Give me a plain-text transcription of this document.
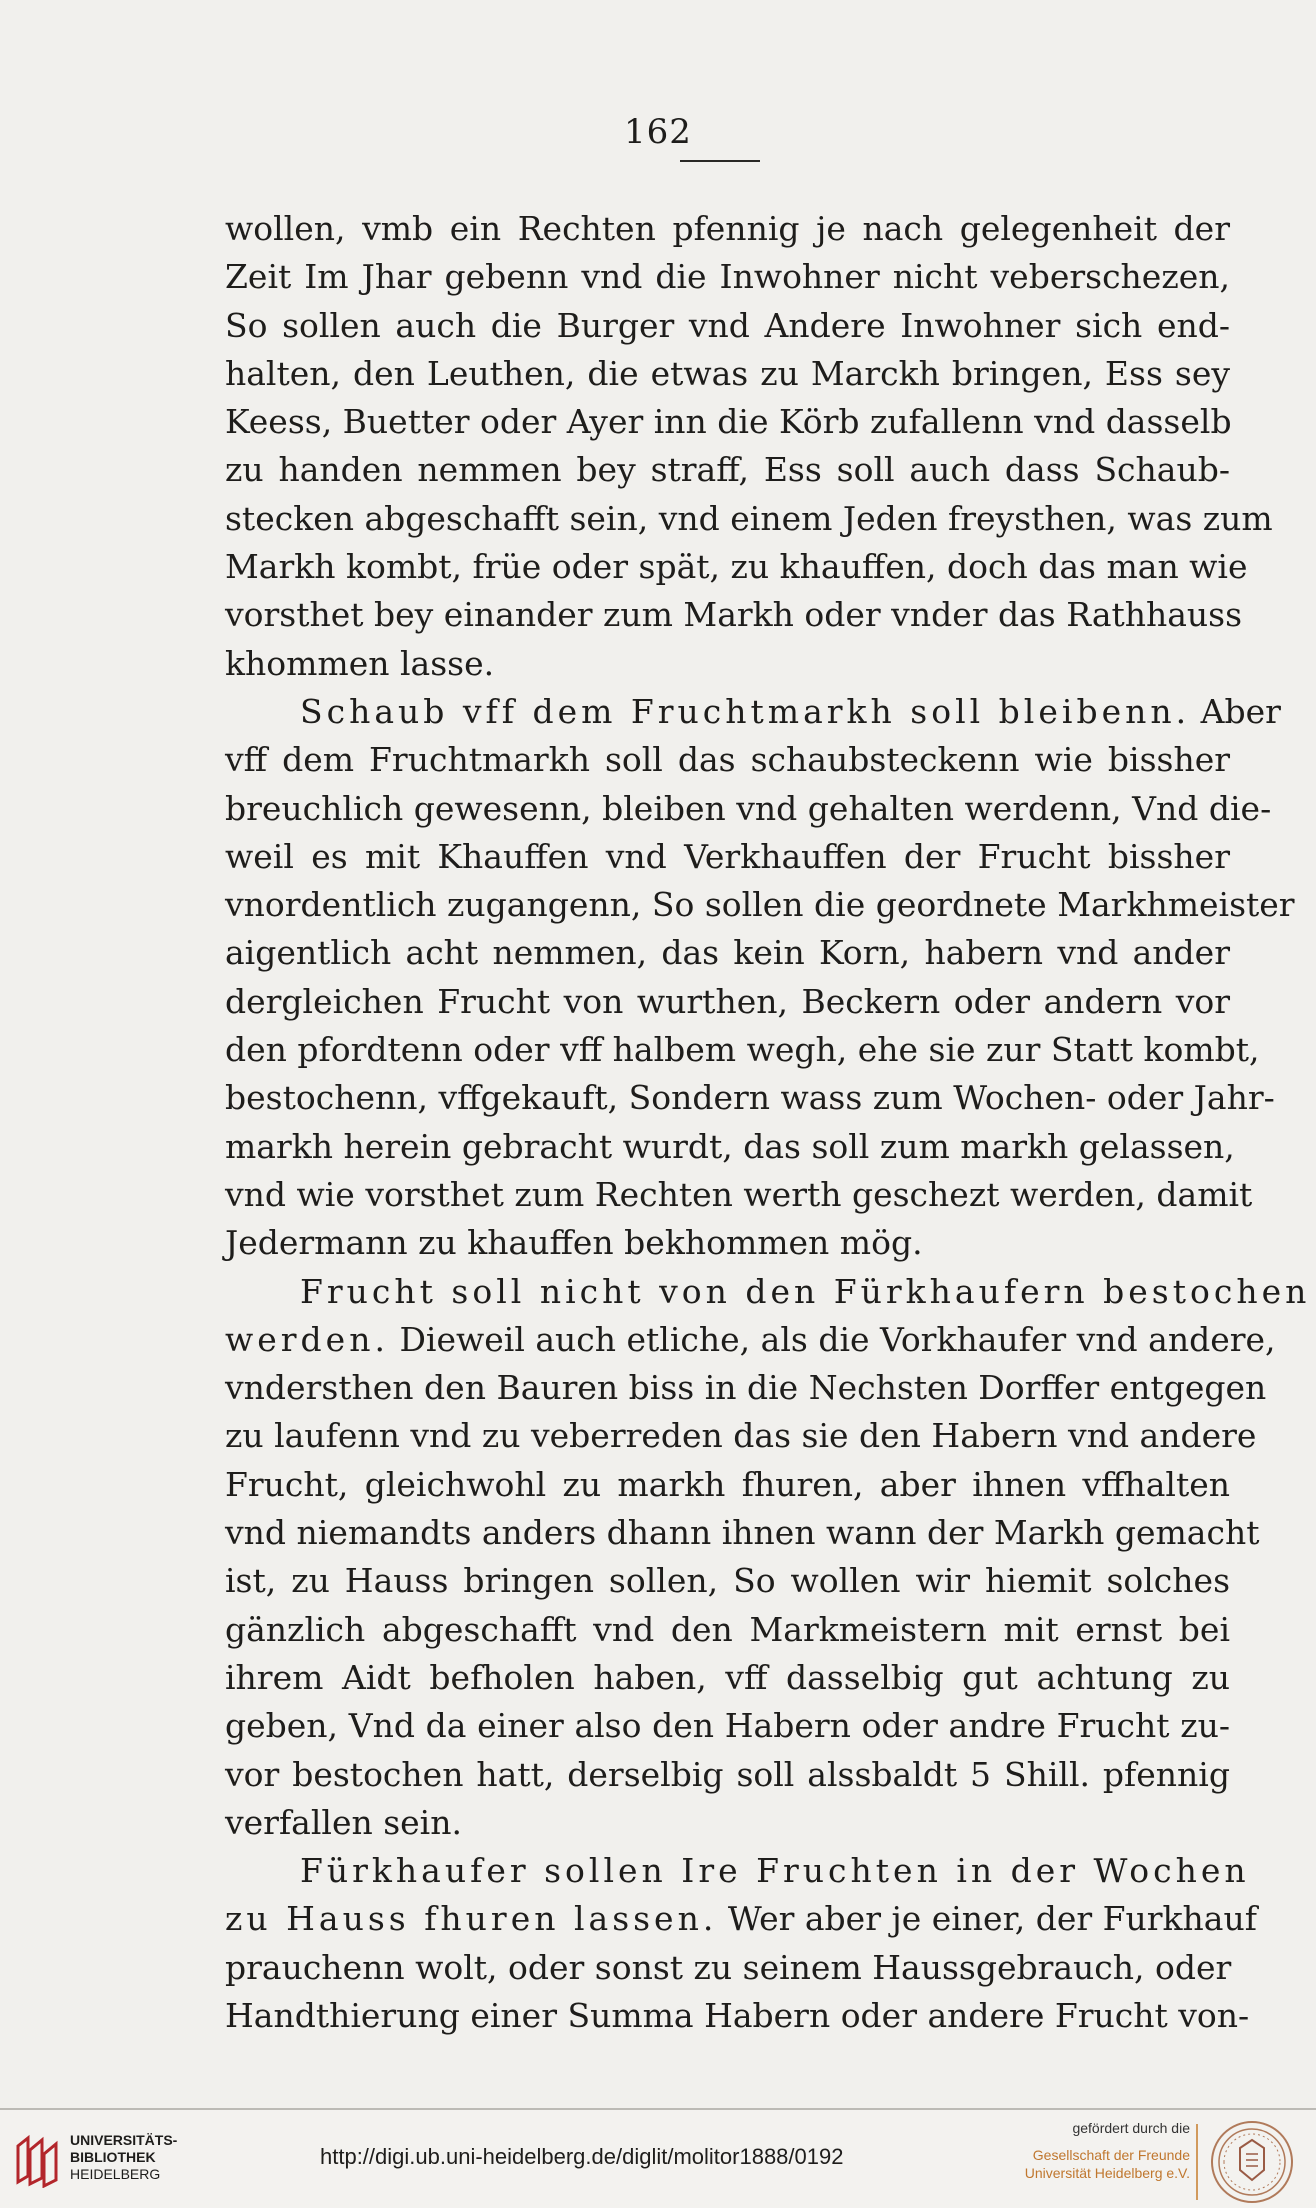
162
wollen, vmb ein Rechten pfennig je nach gelegenheit der
Zeit Im Jhar gebenn vnd die Inwohner nicht veberschezen,
So sollen auch die Burger vnd Andere Inwohner sich end-
halten, den Leuthen, die etwas zu Marckh bringen, Ess sey
Keess, Buetter oder Ayer inn die Körb zufallenn vnd dasselb
zu handen nemmen bey straff, Ess soll auch dass Schaub-
stecken abgeschafft sein, vnd einem Jeden freysthen, was zum
Markh kombt, früe oder spät, zu khauffen, doch das man wie
vorsthet bey einander zum Markh oder vnder das Rathhauss
khommen lasse.
Schaub vff dem Fruchtmarkh soll bleibenn. Aber
vff dem Fruchtmarkh soll das schaubsteckenn wie bissher
breuchlich gewesenn, bleiben vnd gehalten werdenn, Vnd die-
weil es mit Khauffen vnd Verkhauffen der Frucht bissher
vnordentlich zugangenn, So sollen die geordnete Markhmeister
aigentlich acht nemmen, das kein Korn, habern vnd ander
dergleichen Frucht von wurthen, Beckern oder andern vor
den pfordtenn oder vff halbem wegh, ehe sie zur Statt kombt,
bestochenn, vffgekauft, Sondern wass zum Wochen- oder Jahr-
markh herein gebracht wurdt, das soll zum markh gelassen,
vnd wie vorsthet zum Rechten werth geschezt werden, damit
Jedermann zu khauffen bekhommen mög.
Frucht soll nicht von den Fürkhaufern bestochen
werden. Dieweil auch etliche, als die Vorkhaufer vnd andere,
vndersthen den Bauren biss in die Nechsten Dorffer entgegen
zu laufenn vnd zu veberreden das sie den Habern vnd andere
Frucht, gleichwohl zu markh fhuren, aber ihnen vffhalten
vnd niemandts anders dhann ihnen wann der Markh gemacht
ist, zu Hauss bringen sollen, So wollen wir hiemit solches
gänzlich abgeschafft vnd den Markmeistern mit ernst bei
ihrem Aidt befholen haben, vff dasselbig gut achtung zu
geben, Vnd da einer also den Habern oder andre Frucht zu-
vor bestochen hatt, derselbig soll alssbaldt 5 Shill. pfennig
verfallen sein.
Fürkhaufer sollen Ire Fruchten in der Wochen
zu Hauss fhuren lassen. Wer aber je einer, der Furkhauf
prauchenn wolt, oder sonst zu seinem Haussgebrauch, oder
Handthierung einer Summa Habern oder andere Frucht von-
UNIVERSITÄTS-
BIBLIOTHEK
HEIDELBERG
http://digi.ub.uni-heidelberg.de/diglit/molitor1888/0192
gefördert durch die
Gesellschaft der Freunde
Universität Heidelberg e.V.
